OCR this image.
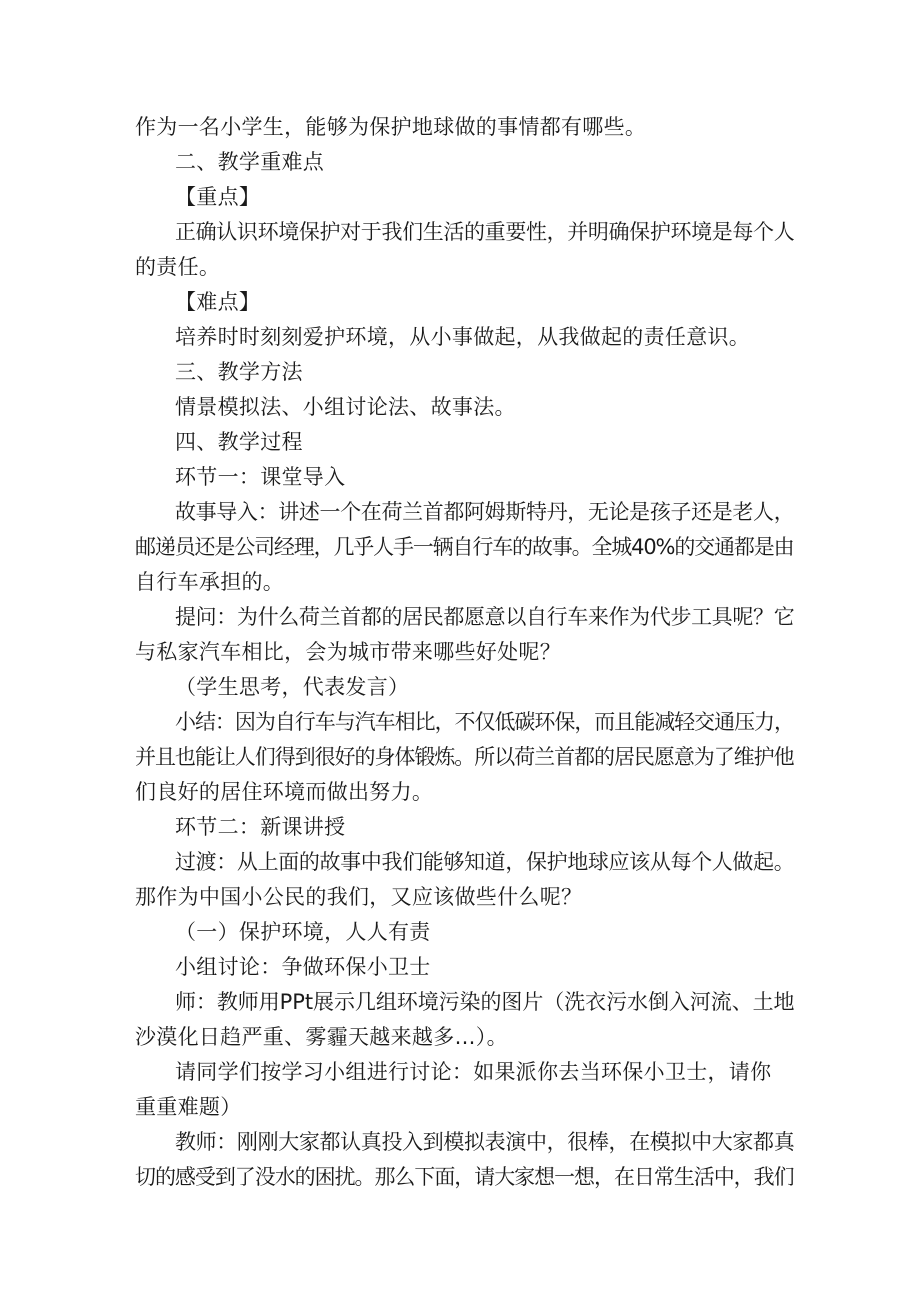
作为一名小学生，能够为保护地球做的事情都有哪些。
二、教学重难点
【重点】
正确认识环境保护对于我们生活的重要性，并明确保护环境是每个人
的责任。
【难点】
培养时时刻刻爱护环境，从小事做起，从我做起的责任意识。
三、教学方法
情景模拟法、小组讨论法、故事法。
四、教学过程
环节一：课堂导入
故事导入：讲述一个在荷兰首都阿姆斯特丹，无论是孩子还是老人，
邮递员还是公司经理，几乎人手一辆自行车的故事。全城40%的交通都是由
自行车承担的。
提问：为什么荷兰首都的居民都愿意以自行车来作为代步工具呢？它
与私家汽车相比，会为城市带来哪些好处呢？
（学生思考，代表发言）
小结：因为自行车与汽车相比，不仅低碳环保，而且能减轻交通压力，
并且也能让人们得到很好的身体锻炼。所以荷兰首都的居民愿意为了维护他
们良好的居住环境而做出努力。
环节二：新课讲授
过渡：从上面的故事中我们能够知道，保护地球应该从每个人做起。
那作为中国小公民的我们，又应该做些什么呢？
（一）保护环境，人人有责
小组讨论：争做环保小卫士
师：教师用PPt展示几组环境污染的图片（洗衣污水倒入河流、土地
沙漠化日趋严重、雾霾天越来越多…）。
请同学们按学习小组进行讨论：如果派你去当环保小卫士，请你
重重难题）
教师：刚刚大家都认真投入到模拟表演中，很棒，在模拟中大家都真
切的感受到了没水的困扰。那么下面，请大家想一想，在日常生活中，我们
